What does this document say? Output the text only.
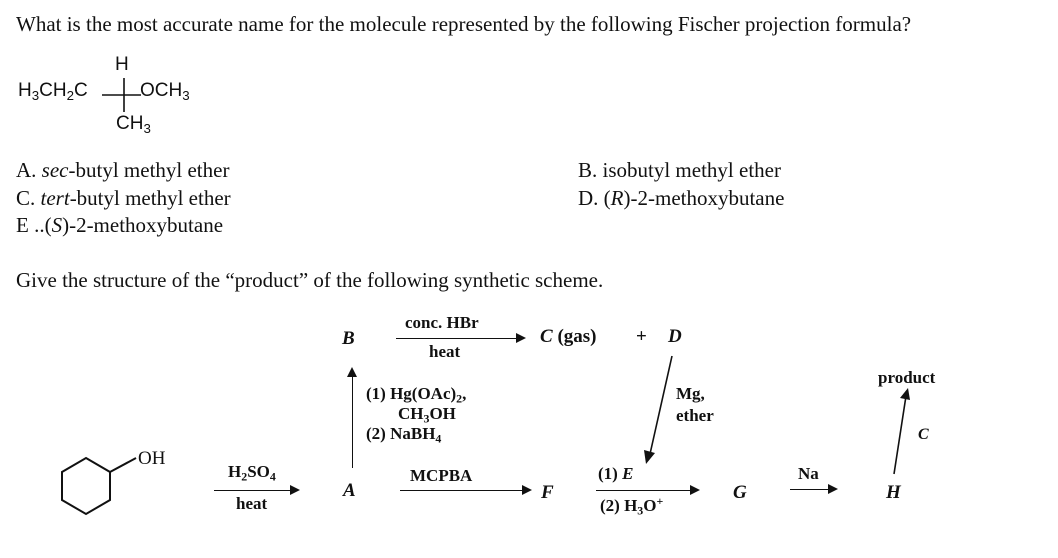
What is the most accurate name for the molecule represented by the following Fischer projection formula?
H
$H_3CH_2C$	$OCH_3$
$CH_3$
A. sec-butyl methyl ether
C. tert-butyl methyl ether
E ..(S)-2-methoxybutane
B. isobutyl methyl ether
D. (R)-2-methoxybutane
Give the structure of the “product” of the following synthetic scheme.
OH
$H_2SO_4$
heat
A
(1) $Hg(OAc)_2$,
$CH_3OH$
(2) NaBH$_4$
B
conc. HBr
heat
C (gas) + D
Mg,
ether
MCPBA
F
(1) E
(2) $H_3O^+$	G
Na
H
product
C
